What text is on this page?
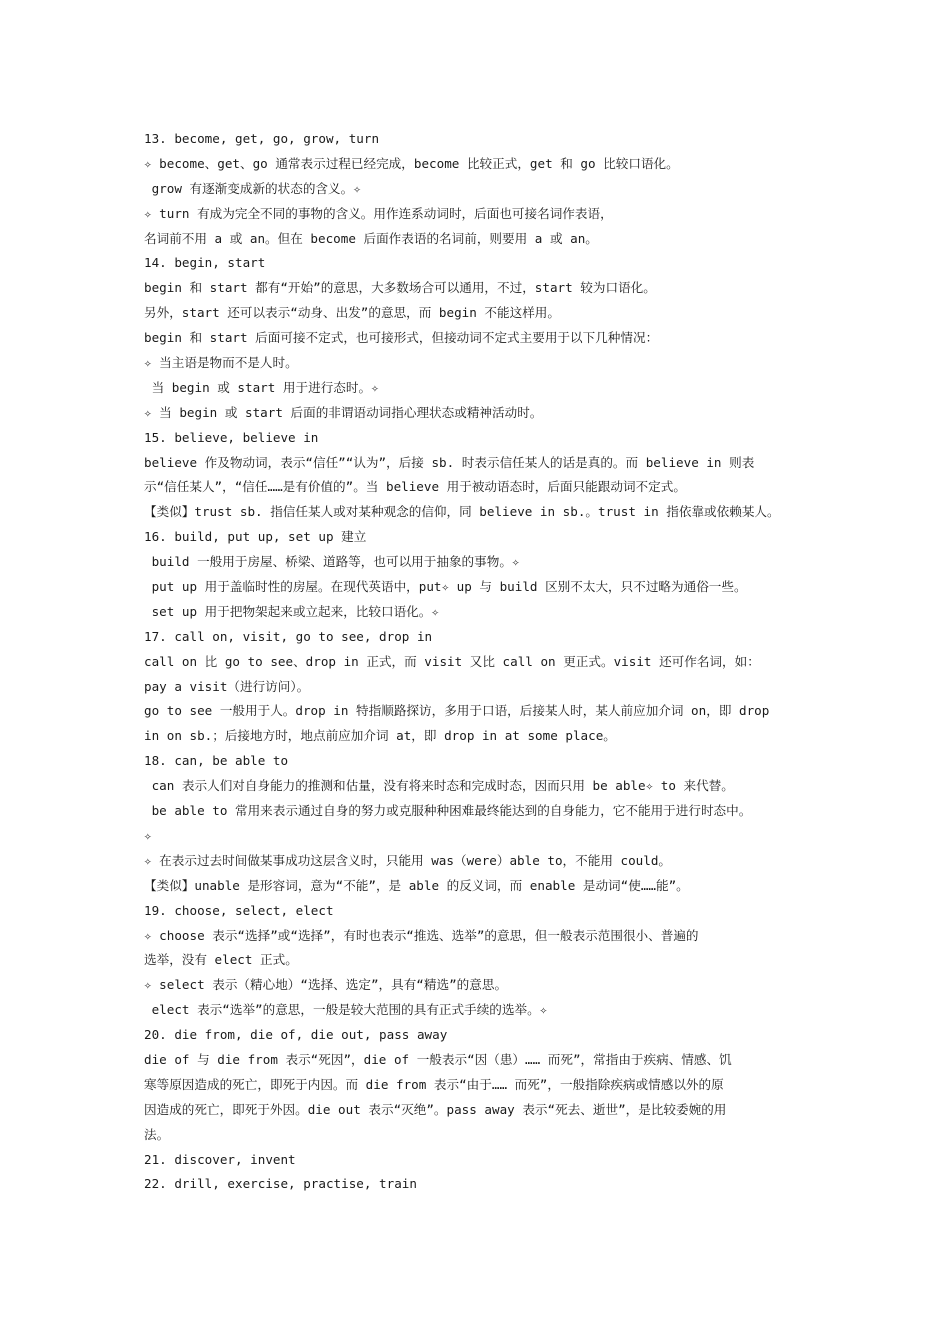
13. become, get, go, grow, turn
✧ become、get、go 通常表示过程已经完成，become 比较正式，get 和 go 比较口语化。
grow 有逐渐变成新的状态的含义。✧
✧ turn 有成为完全不同的事物的含义。用作连系动词时，后面也可接名词作表语，
名词前不用 a 或 an。但在 become 后面作表语的名词前，则要用 a 或 an。
14. begin, start
begin 和 start 都有“开始”的意思，大多数场合可以通用，不过，start 较为口语化。
另外，start 还可以表示“动身、出发”的意思，而 begin 不能这样用。
begin 和 start 后面可接不定式，也可接形式，但接动词不定式主要用于以下几种情况：
✧ 当主语是物而不是人时。
当 begin 或 start 用于进行态时。✧
✧ 当 begin 或 start 后面的非谓语动词指心理状态或精神活动时。
15. believe, believe in
believe 作及物动词，表示“信任”“认为”，后接 sb. 时表示信任某人的话是真的。而 believe in 则表
示“信任某人”，“信任……是有价值的”。当 believe 用于被动语态时，后面只能跟动词不定式。
【类似】trust sb. 指信任某人或对某种观念的信仰，同 believe in sb.。trust in 指依靠或依赖某人。
16. build, put up, set up 建立
build 一般用于房屋、桥梁、道路等，也可以用于抽象的事物。✧
put up 用于盖临时性的房屋。在现代英语中，put✧ up 与 build 区别不太大，只不过略为通俗一些。
set up 用于把物架起来或立起来，比较口语化。✧
17. call on, visit, go to see, drop in
call on 比 go to see、drop in 正式，而 visit 又比 call on 更正式。visit 还可作名词，如：
pay a visit（进行访问）。
go to see 一般用于人。drop in 特指顺路探访，多用于口语，后接某人时，某人前应加介词 on，即 drop
in on sb.；后接地方时，地点前应加介词 at，即 drop in at some place。
18. can, be able to
can 表示人们对自身能力的推测和估量，没有将来时态和完成时态，因而只用 be able✧ to 来代替。
be able to 常用来表示通过自身的努力或克服种种困难最终能达到的自身能力，它不能用于进行时态中。
✧
✧ 在表示过去时间做某事成功这层含义时，只能用 was（were）able to，不能用 could。
【类似】unable 是形容词，意为“不能”，是 able 的反义词，而 enable 是动词“使……能”。
19. choose, select, elect
✧ choose 表示“选择”或“选择”，有时也表示“推选、选举”的意思，但一般表示范围很小、普遍的
选举，没有 elect 正式。
✧ select 表示（精心地）“选择、选定”，具有“精选”的意思。
elect 表示“选举”的意思，一般是较大范围的具有正式手续的选举。✧
20. die from, die of, die out, pass away
die of 与 die from 表示“死因”，die of 一般表示“因（患）…… 而死”，常指由于疾病、情感、饥
寒等原因造成的死亡，即死于内因。而 die from 表示“由于…… 而死”，一般指除疾病或情感以外的原
因造成的死亡，即死于外因。die out 表示“灭绝”。pass away 表示“死去、逝世”，是比较委婉的用
法。
21. discover, invent
22. drill, exercise, practise, train
